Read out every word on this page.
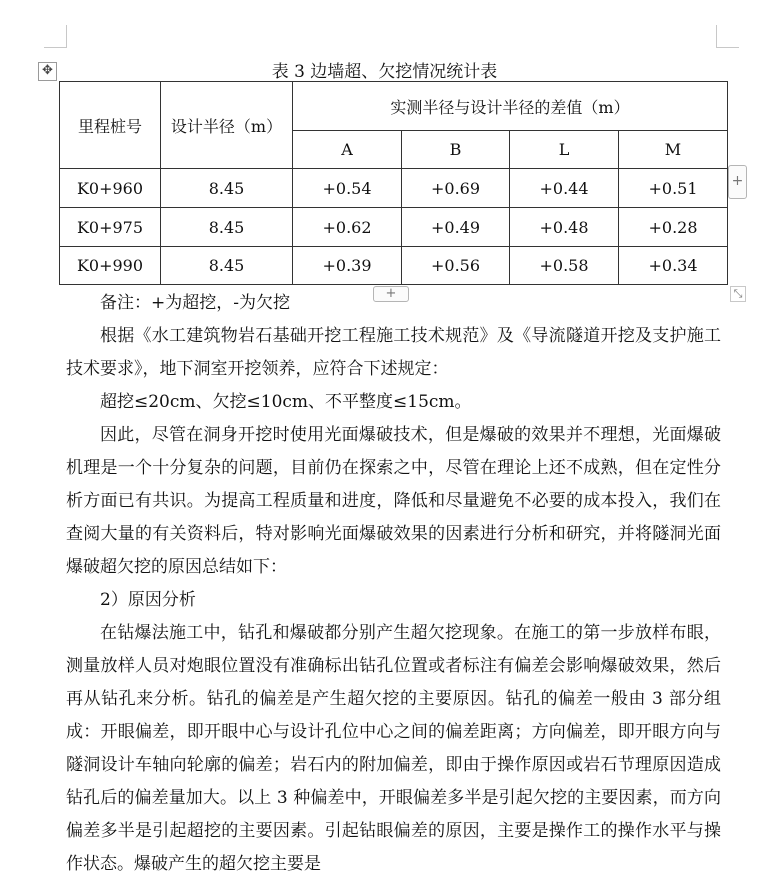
✥	表 3 边墙超、欠挖情况统计表
里程桩号	设计半径（m）	实测半径与设计半径的差值（m）			
		A	B	L	M
K0+960	8.45	+0.54	+0.69	+0.44	+0.51
K0+975	8.45	+0.62	+0.49	+0.48	+0.28
K0+990	8.45	+0.39	+0.56	+0.58	+0.34
+
+	⤡

备注：+为超挖，-为欠挖

根据《水工建筑物岩石基础开挖工程施工技术规范》及《导流隧道开挖及支护施工技术要求》，地下洞室开挖领养，应符合下述规定：

超挖≤20cm、欠挖≤10cm、不平整度≤15cm。

因此，尽管在洞身开挖时使用光面爆破技术，但是爆破的效果并不理想，光面爆破机理是一个十分复杂的问题，目前仍在探索之中，尽管在理论上还不成熟，但在定性分析方面已有共识。为提高工程质量和进度，降低和尽量避免不必要的成本投入，我们在查阅大量的有关资料后，特对影响光面爆破效果的因素进行分析和研究，并将隧洞光面爆破超欠挖的原因总结如下：

2）原因分析

在钻爆法施工中，钻孔和爆破都分别产生超欠挖现象。在施工的第一步放样布眼，测量放样人员对炮眼位置没有准确标出钻孔位置或者标注有偏差会影响爆破效果，然后再从钻孔来分析。钻孔的偏差是产生超欠挖的主要原因。钻孔的偏差一般由 3 部分组成：开眼偏差，即开眼中心与设计孔位中心之间的偏差距离；方向偏差，即开眼方向与隧洞设计车轴向轮廓的偏差；岩石内的附加偏差，即由于操作原因或岩石节理原因造成钻孔后的偏差量加大。以上 3 种偏差中，开眼偏差多半是引起欠挖的主要因素，而方向偏差多半是引起超挖的主要因素。引起钻眼偏差的原因，主要是操作工的操作水平与操作状态。爆破产生的超欠挖主要是
